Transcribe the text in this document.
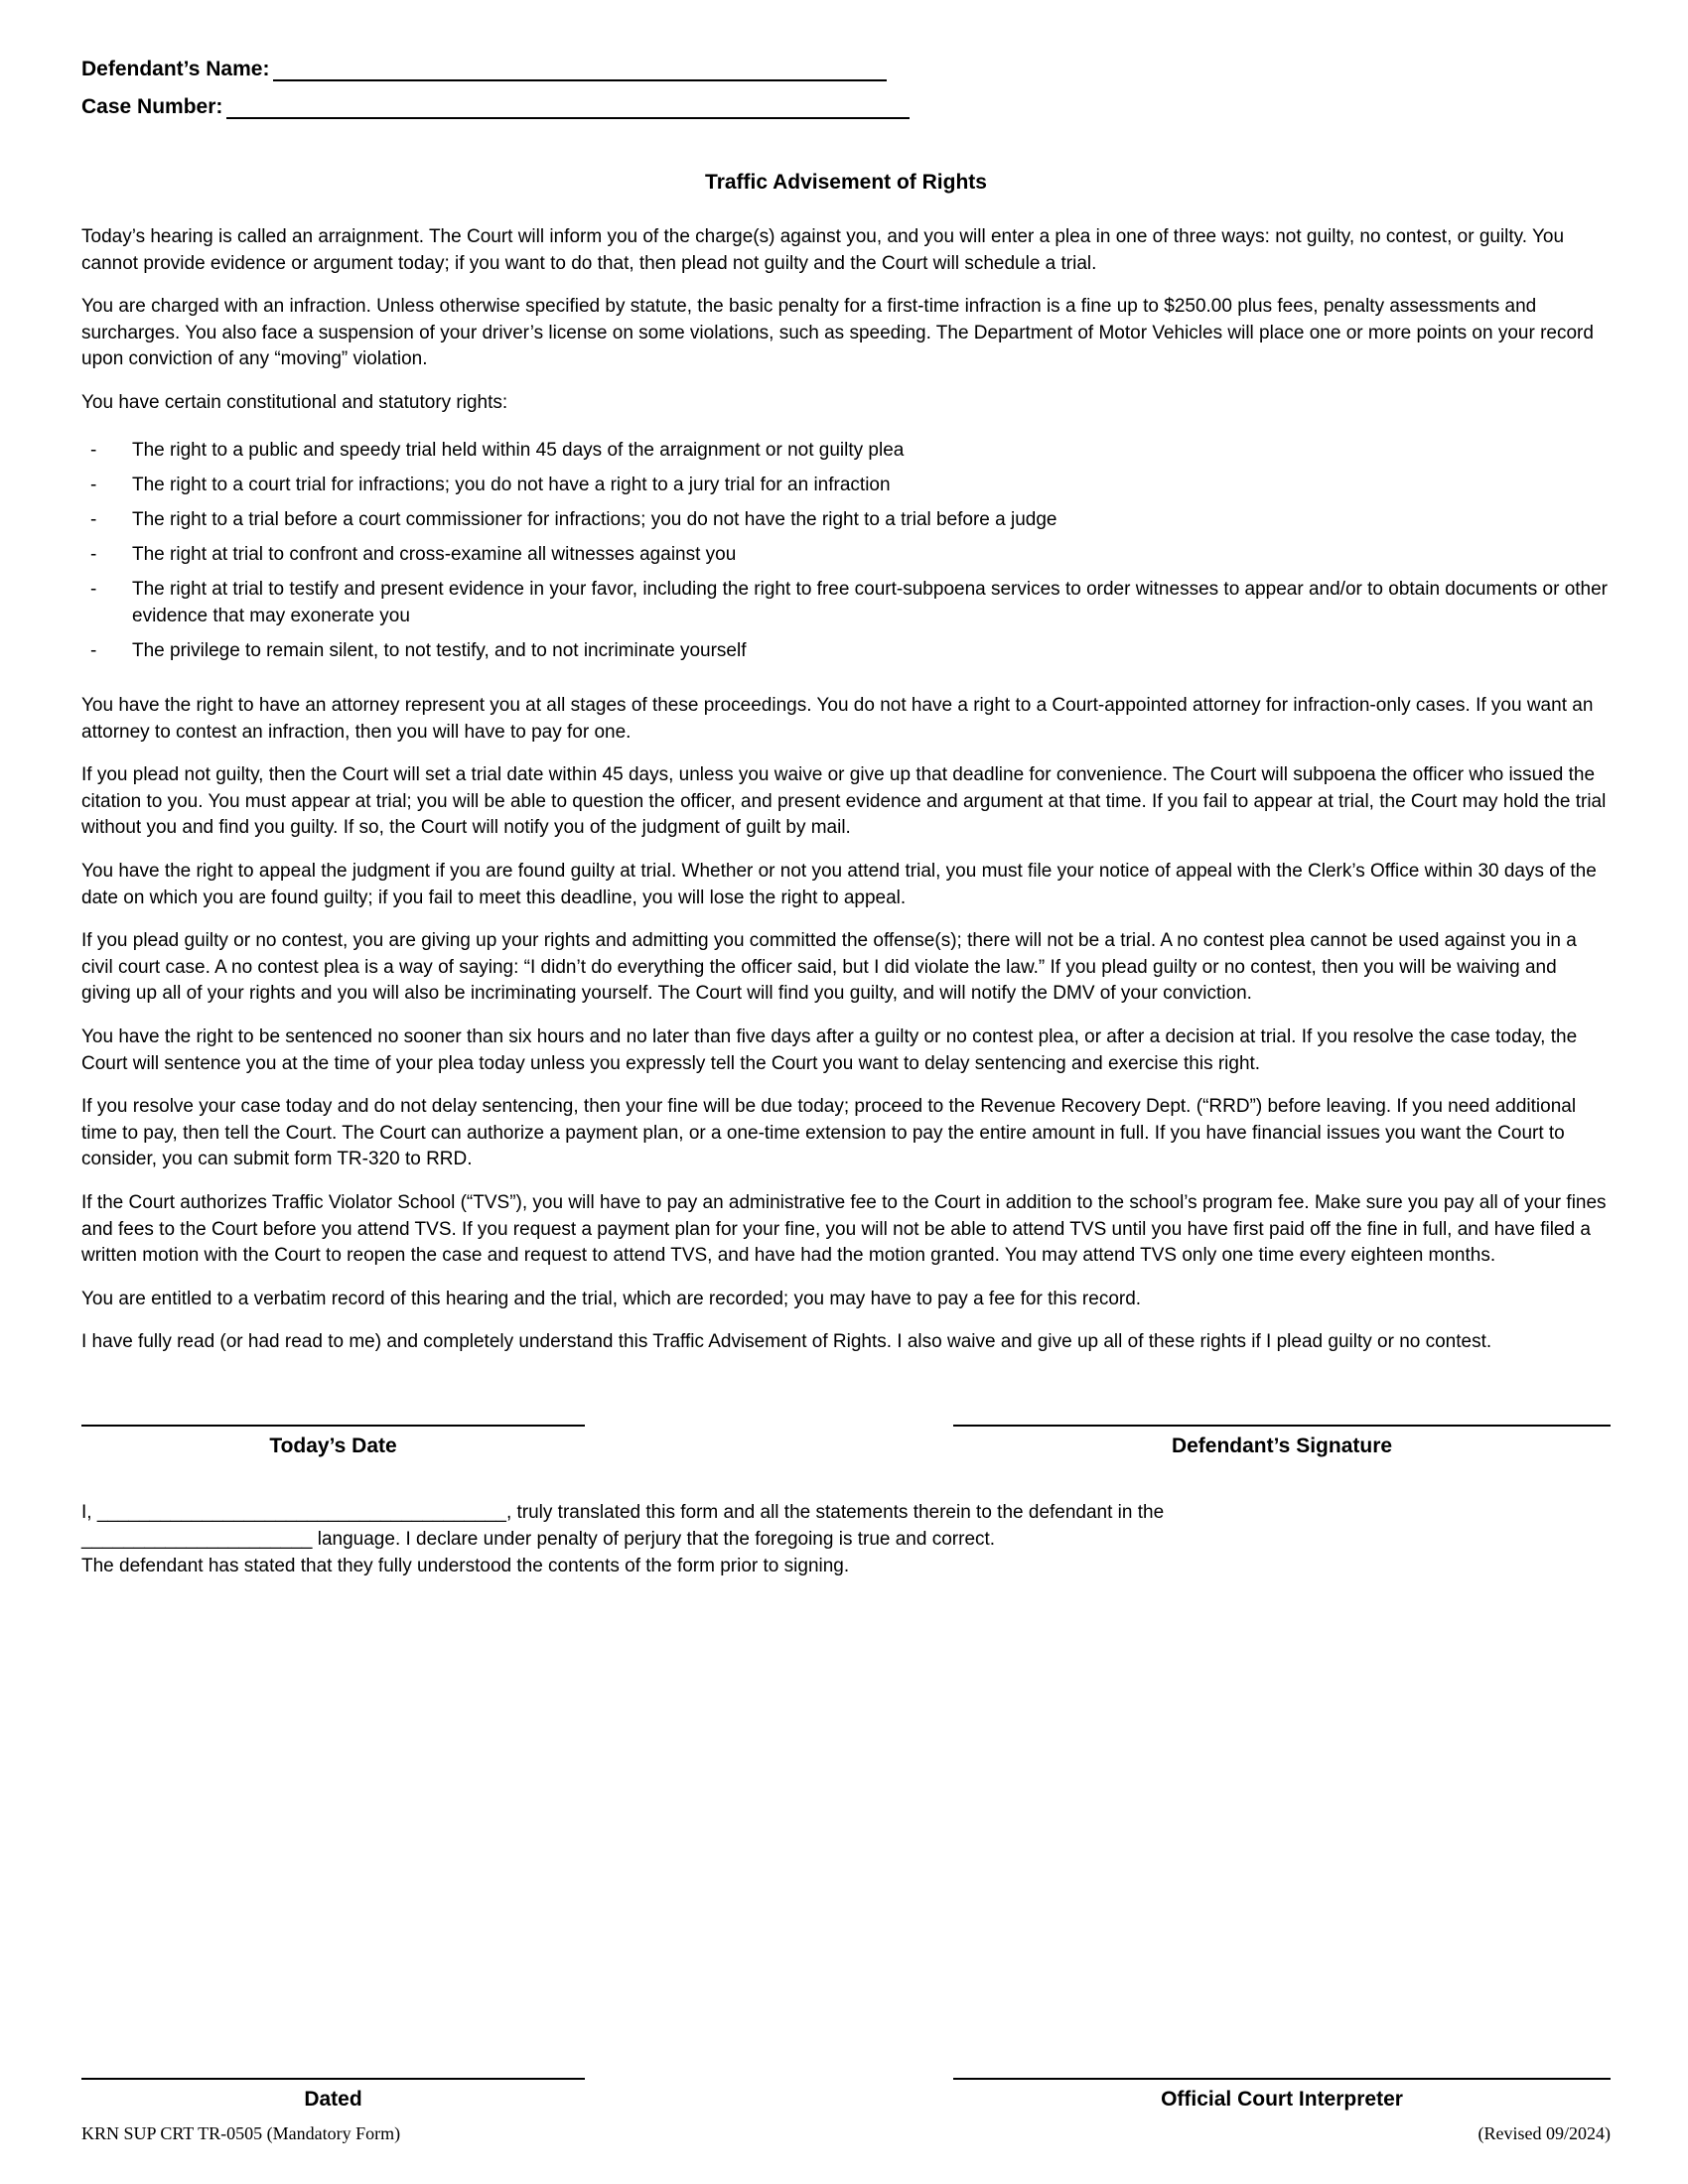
Defendant’s Name:
Case Number:
Traffic Advisement of Rights

Today’s hearing is called an arraignment. The Court will inform you of the charge(s) against you, and you will enter a plea in one of three ways: not guilty, no contest, or guilty. You cannot provide evidence or argument today; if you want to do that, then plead not guilty and the Court will schedule a trial.

You are charged with an infraction. Unless otherwise specified by statute, the basic penalty for a first-time infraction is a fine up to $250.00 plus fees, penalty assessments and surcharges. You also face a suspension of your driver’s license on some violations, such as speeding. The Department of Motor Vehicles will place one or more points on your record upon conviction of any “moving” violation.

You have certain constitutional and statutory rights:

-	The right to a public and speedy trial held within 45 days of the arraignment or not guilty plea
-	The right to a court trial for infractions; you do not have a right to a jury trial for an infraction
-	The right to a trial before a court commissioner for infractions; you do not have the right to a trial before a judge
-	The right at trial to confront and cross-examine all witnesses against you
-	The right at trial to testify and present evidence in your favor, including the right to free court-subpoena services to order witnesses to appear and/or to obtain documents or other evidence that may exonerate you
-	The privilege to remain silent, to not testify, and to not incriminate yourself

You have the right to have an attorney represent you at all stages of these proceedings. You do not have a right to a Court-appointed attorney for infraction-only cases. If you want an attorney to contest an infraction, then you will have to pay for one.

If you plead not guilty, then the Court will set a trial date within 45 days, unless you waive or give up that deadline for convenience. The Court will subpoena the officer who issued the citation to you. You must appear at trial; you will be able to question the officer, and present evidence and argument at that time. If you fail to appear at trial, the Court may hold the trial without you and find you guilty. If so, the Court will notify you of the judgment of guilt by mail.

You have the right to appeal the judgment if you are found guilty at trial. Whether or not you attend trial, you must file your notice of appeal with the Clerk’s Office within 30 days of the date on which you are found guilty; if you fail to meet this deadline, you will lose the right to appeal.

If you plead guilty or no contest, you are giving up your rights and admitting you committed the offense(s); there will not be a trial. A no contest plea cannot be used against you in a civil court case. A no contest plea is a way of saying: “I didn’t do everything the officer said, but I did violate the law.” If you plead guilty or no contest, then you will be waiving and giving up all of your rights and you will also be incriminating yourself. The Court will find you guilty, and will notify the DMV of your conviction.

You have the right to be sentenced no sooner than six hours and no later than five days after a guilty or no contest plea, or after a decision at trial. If you resolve the case today, the Court will sentence you at the time of your plea today unless you expressly tell the Court you want to delay sentencing and exercise this right.

If you resolve your case today and do not delay sentencing, then your fine will be due today; proceed to the Revenue Recovery Dept. (“RRD”) before leaving. If you need additional time to pay, then tell the Court. The Court can authorize a payment plan, or a one-time extension to pay the entire amount in full. If you have financial issues you want the Court to consider, you can submit form TR-320 to RRD.

If the Court authorizes Traffic Violator School (“TVS”), you will have to pay an administrative fee to the Court in addition to the school’s program fee. Make sure you pay all of your fines and fees to the Court before you attend TVS. If you request a payment plan for your fine, you will not be able to attend TVS until you have first paid off the fine in full, and have filed a written motion with the Court to reopen the case and request to attend TVS, and have had the motion granted. You may attend TVS only one time every eighteen months.

You are entitled to a verbatim record of this hearing and the trial, which are recorded; you may have to pay a fee for this record.

I have fully read (or had read to me) and completely understand this Traffic Advisement of Rights. I also waive and give up all of these rights if I plead guilty or no contest.

Today’s Date	Defendant’s Signature
I, _______________________________________, truly translated this form and all the statements therein to the defendant in the
______________________ language. I declare under penalty of perjury that the foregoing is true and correct.
The defendant has stated that they fully understood the contents of the form prior to signing.
Dated	Official Court Interpreter
KRN SUP CRT TR-0505 (Mandatory Form)	(Revised 09/2024)
